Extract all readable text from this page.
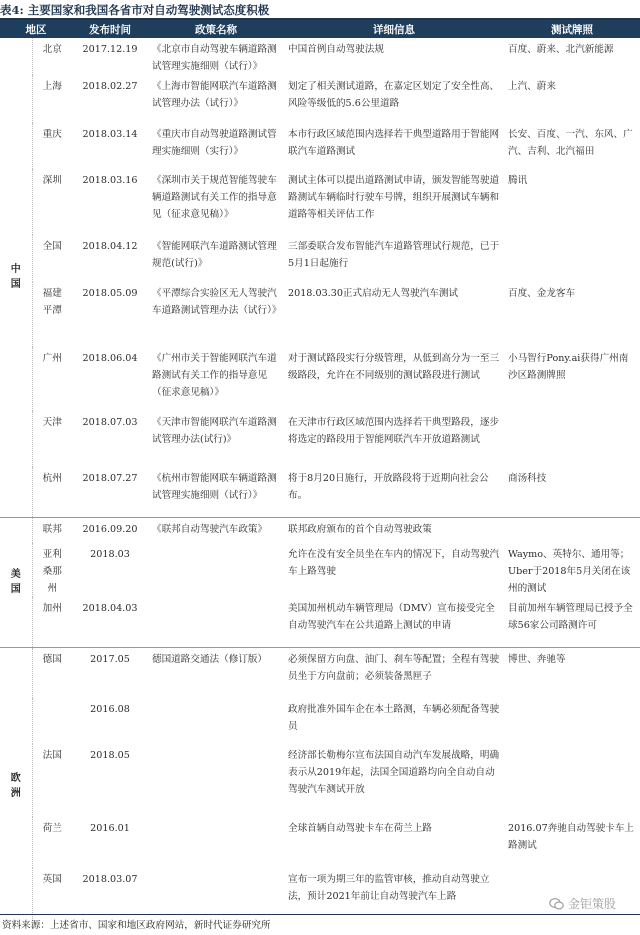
表4: 主要国家和我国各省市对自动驾驶测试态度积极
地区		发布时间	政策名称	详细信息	测试牌照
中国	北京	2017.12.19	《北京市自动驾驶车辆道路测试管理实施细则（试行）》	中国首例自动驾驶法规	百度、蔚来、北汽新能源
	上海	2018.02.27	《上海市智能网联汽车道路测试管理办法（试行）》	划定了相关测试道路，在嘉定区划定了安全性高、风险等级低的5.6公里道路	上汽、蔚来
	重庆	2018.03.14	《重庆市自动驾驶道路测试管理实施细则（实行）》	本市行政区域范围内选择若干典型道路用于智能网联汽车道路测试	长安、百度、一汽、东风、广汽、吉利、北汽福田
	深圳	2018.03.16	《深圳市关于规范智能驾驶车辆道路测试有关工作的指导意见（征求意见稿）》	测试主体可以提出道路测试申请，颁发智能驾驶道路测试车辆临时行驶车号牌，组织开展测试车辆和道路等相关评估工作	腾讯
	全国	2018.04.12	《智能网联汽车道路测试管理规范(试行)》	三部委联合发布智能汽车道路管理试行规范，已于5月1日起施行	
	福建平潭	2018.05.09	《平潭综合实验区无人驾驶汽车道路测试管理办法（试行）》	2018.03.30正式启动无人驾驶汽车测试	百度、金龙客车
	广州	2018.06.04	《广州市关于智能网联汽车道路测试有关工作的指导意见（征求意见稿）》	对于测试路段实行分级管理，从低到高分为一至三级路段，允许在不同级别的测试路段进行测试	小马智行Pony.ai获得广州南沙区路测牌照
	天津	2018.07.03	《天津市智能网联汽车道路测试管理办法(试行)》	在天津市行政区域范围内选择若干典型路段，逐步将选定的路段用于智能网联汽车开放道路测试	
	杭州	2018.07.27	《杭州市智能网联车辆道路测试管理实施细则（试行）》	将于8月20日施行，开放路段将于近期向社会公布。	商汤科技
美国	联邦	2016.09.20	《联邦自动驾驶汽车政策》	联邦政府颁布的首个自动驾驶政策	
	亚利桑那州	2018.03		允许在没有安全员坐在车内的情况下，自动驾驶汽车上路驾驶	Waymo、英特尔、通用等；Uber于2018年5月关闭在该州的测试
	加州	2018.04.03		美国加州机动车辆管理局（DMV）宣布接受完全自动驾驶汽车在公共道路上测试的申请	目前加州车辆管理局已授予全球56家公司路测许可
欧洲	德国	2017.05	德国道路交通法（修订版）	必须保留方向盘、油门、刹车等配置；全程有驾驶员坐于方向盘前；必须装备黑匣子	博世、奔驰等
		2016.08		政府批准外国车企在本土路测，车辆必须配备驾驶员	
	法国	2018.05		经济部长勒梅尔宣布法国自动汽车发展战略，明确表示从2019年起，法国全国道路均向全自动自动驾驶汽车测试开放	
	荷兰	2016.01		全球首辆自动驾驶卡车在荷兰上路	2016.07奔驰自动驾驶卡车上路测试
	英国	2018.03.07		宣布一项为期三年的监管审核，推动自动驾驶立法，预计2021年前让自动驾驶汽车上路	
金钜策股
资料来源：上述省市、国家和地区政府网站，新时代证券研究所
